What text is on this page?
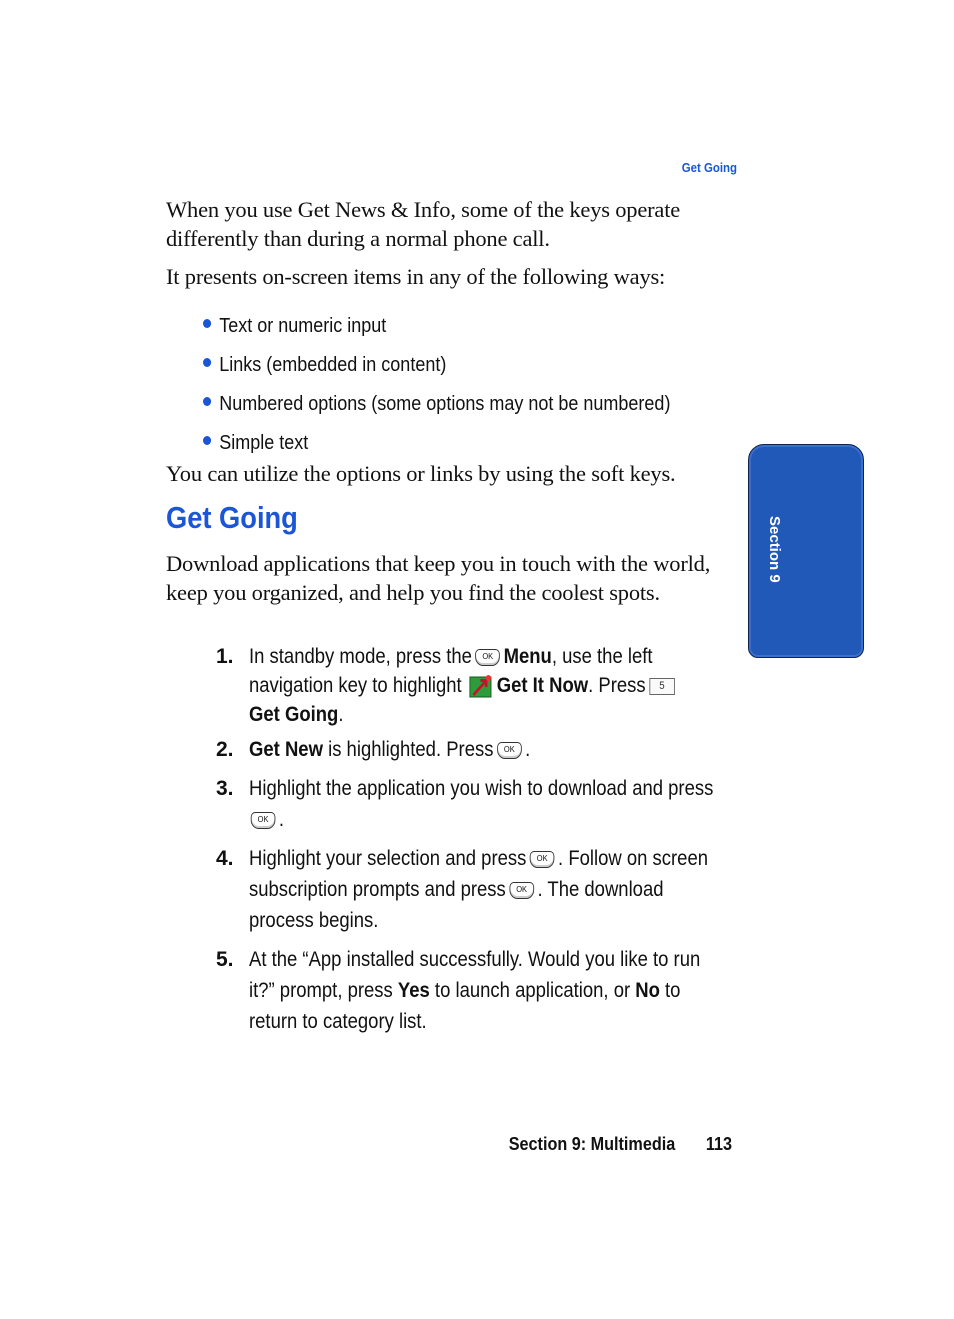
Get Going

When you use Get News & Info, some of the keys operate differently than during a normal phone call.

It presents on-screen items in any of the following ways:

Text or numeric input
Links (embedded in content)
Numbered options (some options may not be numbered)
Simple text

You can utilize the options or links by using the soft keys.

Get Going

Download applications that keep you in touch with the world, keep you organized, and help you find the coolest spots.

1. In standby mode, press the	OK Menu, use the left
navigation key to highlight Get It Now. Press 5
Get Going.
2. Get New is highlighted. Press	OK .
3. Highlight the application you wish to download and press
OK .
4. Highlight your selection and press	OK . Follow on screen
subscription prompts and press	OK . The download
process begins.
5. At the “App installed successfully. Would you like to run
it?” prompt, press Yes to launch application, or No to
return to category list.
Section 9
Section 9: Multimedia 113
